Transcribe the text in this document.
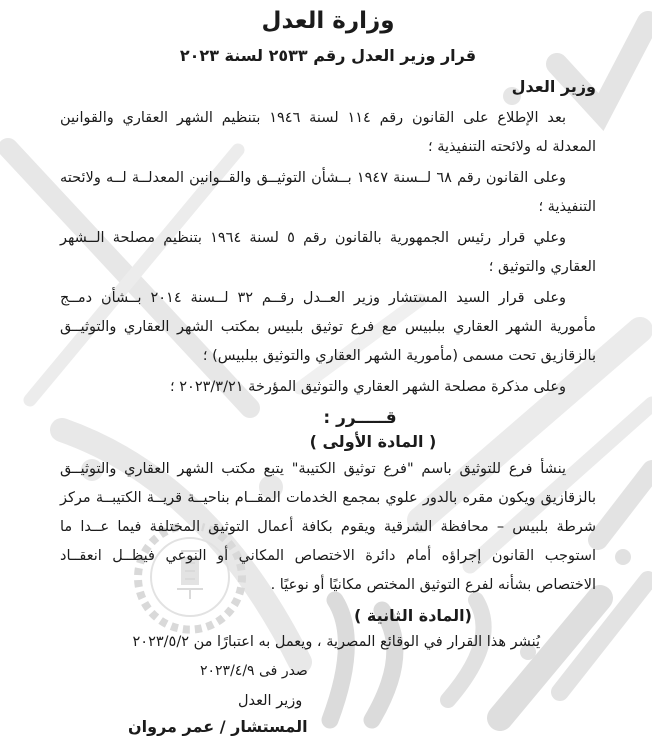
وزارة العدل
قرار وزير العدل رقم ٢٥٣٣ لسنة ٢٠٢٣
وزير العدل

بعد الإطلاع على القانون رقم ١١٤ لسنة ١٩٤٦ بتنظيم الشهر العقاري والقوانين المعدلة له ولائحته التنفيذية ؛

وعلى القانون رقم ٦٨ لــسنة ١٩٤٧ بــشأن التوثيــق والقــوانين المعدلــة لــه ولائحته التنفيذية ؛

وعلي قرار رئيس الجمهورية بالقانون رقم ٥ لسنة ١٩٦٤ بتنظيم مصلحة الــشهر العقاري والتوثيق ؛

وعلى قرار السيد المستشار وزير العــدل رقــم ٣٢ لــسنة ٢٠١٤ بــشأن دمــج مأمورية الشهر العقاري ببلبيس مع فرع توثيق بلبيس بمكتب الشهر العقاري والتوثيــق بالزقازيق تحت مسمى (مأمورية الشهر العقاري والتوثيق ببلبيس) ؛

وعلى مذكرة مصلحة الشهر العقاري والتوثيق المؤرخة ٢٠٢٣/٣/٢١ ؛

قـــــرر :
( المادة الأولى )

ينشأ فرع للتوثيق باسم "فرع توثيق الكتيبة" يتبع مكتب الشهر العقاري والتوثيــق بالزقازيق ويكون مقره بالدور علوي بمجمع الخدمات المقــام بناحيــة قريــة الكتيبــة مركز شرطة بلبيس – محافظة الشرقية ويقوم بكافة أعمال التوثيق المختلفة فيما عــدا ما استوجب القانون إجراؤه أمام دائرة الاختصاص المكاني أو النوعي فيظــل انعقــاد الاختصاص بشأنه لفرع التوثيق المختص مكانيًا أو نوعيًا .

(المادة الثانية )

يُنشر هذا القرار في الوقائع المصرية ، ويعمل به اعتبارًا من ٢٠٢٣/٥/٢

صدر فى ٢٠٢٣/٤/٩
وزير العدل
المستشار / عمر مروان
